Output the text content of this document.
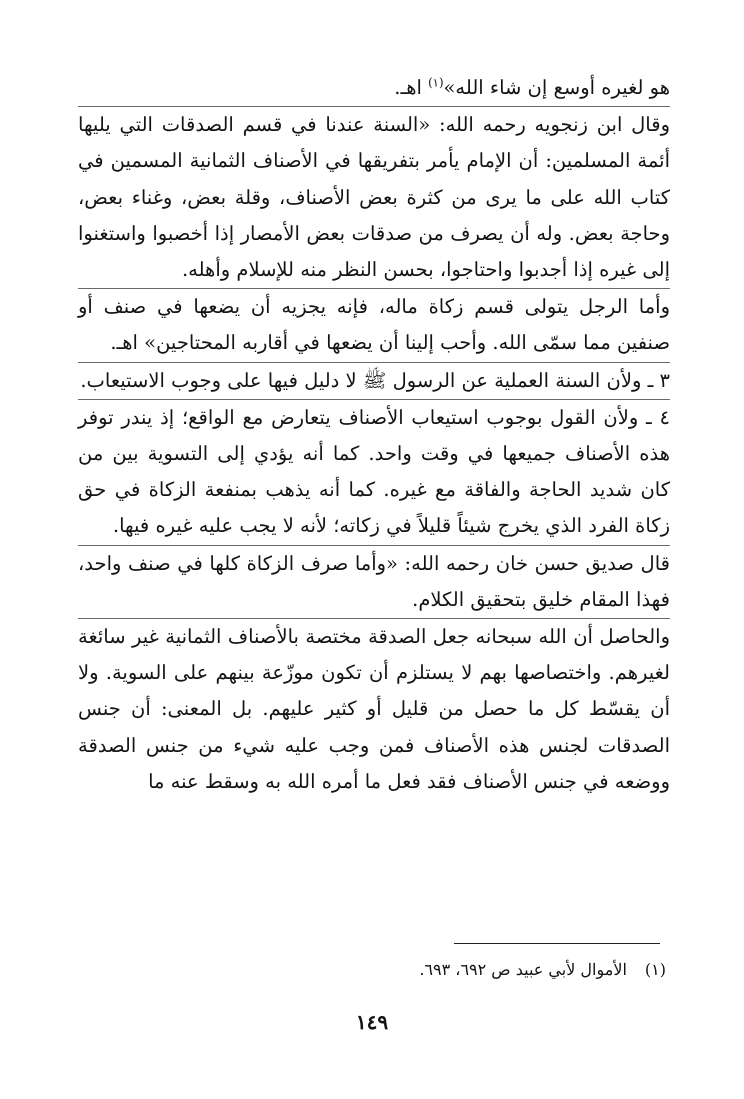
هو لغيره أوسع إن شاء الله»$^{(١)}$ اهـ.

وقال ابن زنجويه رحمه الله: «السنة عندنا في قسم الصدقات التي يليها أئمة المسلمين: أن الإمام يأمر بتفريقها في الأصناف الثمانية المسمين في كتاب الله على ما يرى من كثرة بعض الأصناف، وقلة بعض، وغناء بعض، وحاجة بعض. وله أن يصرف من صدقات بعض الأمصار إذا أخصبوا واستغنوا إلى غيره إذا أجدبوا واحتاجوا، بحسن النظر منه للإسلام وأهله.

وأما الرجل يتولى قسم زكاة ماله، فإنه يجزيه أن يضعها في صنف أو صنفين مما سمّى الله. وأحب إلينا أن يضعها في أقاربه المحتاجين» اهـ.

٣ ـ ولأن السنة العملية عن الرسول ﷺ لا دليل فيها على وجوب الاستيعاب.

٤ ـ ولأن القول بوجوب استيعاب الأصناف يتعارض مع الواقع؛ إذ يندر توفر هذه الأصناف جميعها في وقت واحد. كما أنه يؤدي إلى التسوية بين من كان شديد الحاجة والفاقة مع غيره. كما أنه يذهب بمنفعة الزكاة في حق زكاة الفرد الذي يخرج شيئاً قليلاً في زكاته؛ لأنه لا يجب عليه غيره فيها.

قال صديق حسن خان رحمه الله: «وأما صرف الزكاة كلها في صنف واحد، فهذا المقام خليق بتحقيق الكلام.

والحاصل أن الله سبحانه جعل الصدقة مختصة بالأصناف الثمانية غير سائغة لغيرهم. واختصاصها بهم لا يستلزم أن تكون موزّعة بينهم على السوية. ولا أن يقسّط كل ما حصل من قليل أو كثير عليهم. بل المعنى: أن جنس الصدقات لجنس هذه الأصناف فمن وجب عليه شيء من جنس الصدقة ووضعه في جنس الأصناف فقد فعل ما أمره الله به وسقط عنه ما

(١)الأموال لأبي عبيد ص ٦٩٢، ٦٩٣.
١٤٩
